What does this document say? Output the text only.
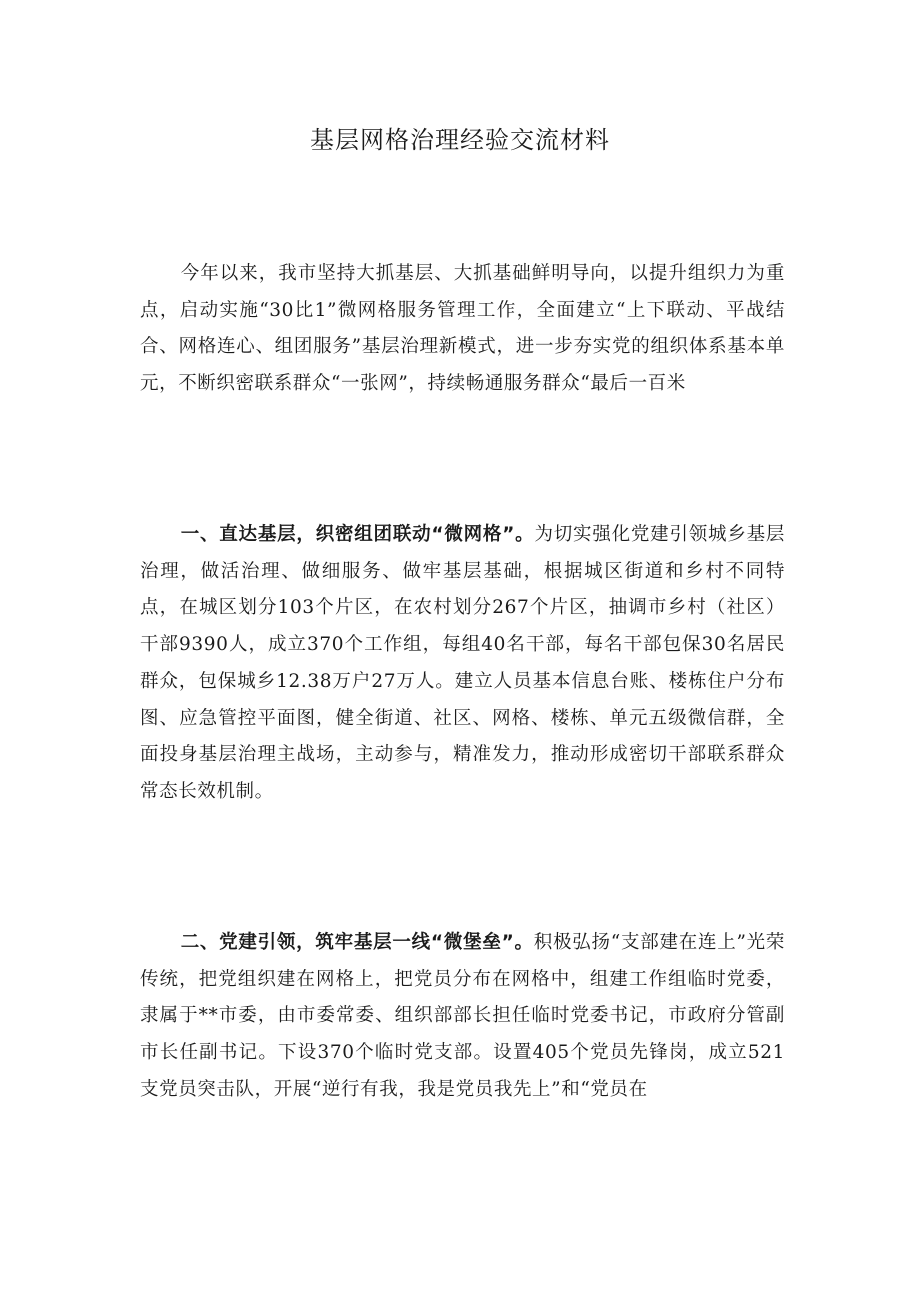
基层网格治理经验交流材料

今年以来，我市坚持大抓基层、大抓基础鲜明导向，以提升组织力为重点，启动实施“30比1”微网格服务管理工作，全面建立“上下联动、平战结合、网格连心、组团服务”基层治理新模式，进一步夯实党的组织体系基本单元，不断织密联系群众“一张网”，持续畅通服务群众“最后一百米

一、直达基层，织密组团联动“微网格”。为切实强化党建引领城乡基层治理，做活治理、做细服务、做牢基层基础，根据城区街道和乡村不同特点，在城区划分103个片区，在农村划分267个片区，抽调市乡村（社区）干部9390人，成立370个工作组，每组40名干部，每名干部包保30名居民群众，包保城乡12.38万户27万人。建立人员基本信息台账、楼栋住户分布图、应急管控平面图，健全街道、社区、网格、楼栋、单元五级微信群，全面投身基层治理主战场，主动参与，精准发力，推动形成密切干部联系群众常态长效机制。

二、党建引领，筑牢基层一线“微堡垒”。积极弘扬“支部建在连上”光荣传统，把党组织建在网格上，把党员分布在网格中，组建工作组临时党委，隶属于**市委，由市委常委、组织部部长担任临时党委书记，市政府分管副市长任副书记。下设370个临时党支部。设置405个党员先锋岗，成立521支党员突击队，开展“逆行有我，我是党员我先上”和“党员在
